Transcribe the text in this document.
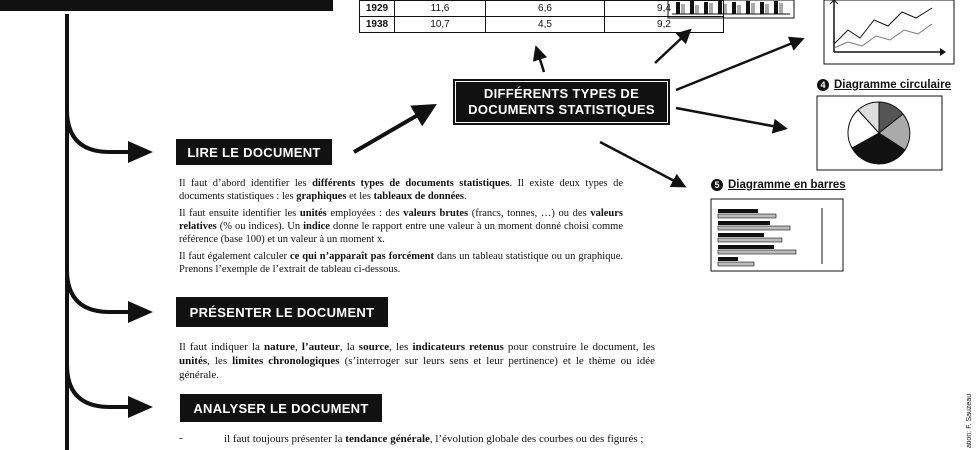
1929	11,6	6,6	9,4
1938	10,7	4,5	9,2
DIFFÉRENTS TYPES DE
DOCUMENTS STATISTIQUES
LIRE LE DOCUMENT
PRÉSENTER LE DOCUMENT
ANALYSER LE DOCUMENT
4 Diagramme circulaire
5 Diagramme en barres

Il faut d’abord identifier les différents types de documents statistiques. Il existe deux types de documents statistiques : les graphiques et les tableaux de données.

Il faut ensuite identifier les unités employées : des valeurs brutes (francs, tonnes, …) ou des valeurs relatives (% ou indices). Un indice donne le rapport entre une valeur à un moment donné choisi comme référence (base 100) et un valeur à un moment x.

Il faut également calculer ce qui n’apparaît pas forcément dans un tableau statistique ou un graphique. Prenons l’exemple de l’extrait de tableau ci-dessous.

Il faut indiquer la nature, l’auteur, la source, les indicateurs retenus pour construire le document, les unités, les limites chronologiques (s’interroger sur leurs sens et leur pertinence) et le thème ou idée générale.

-	il faut toujours présenter la tendance générale, l’évolution globale des courbes ou des figurés ;	ation: F. Sauzeau
